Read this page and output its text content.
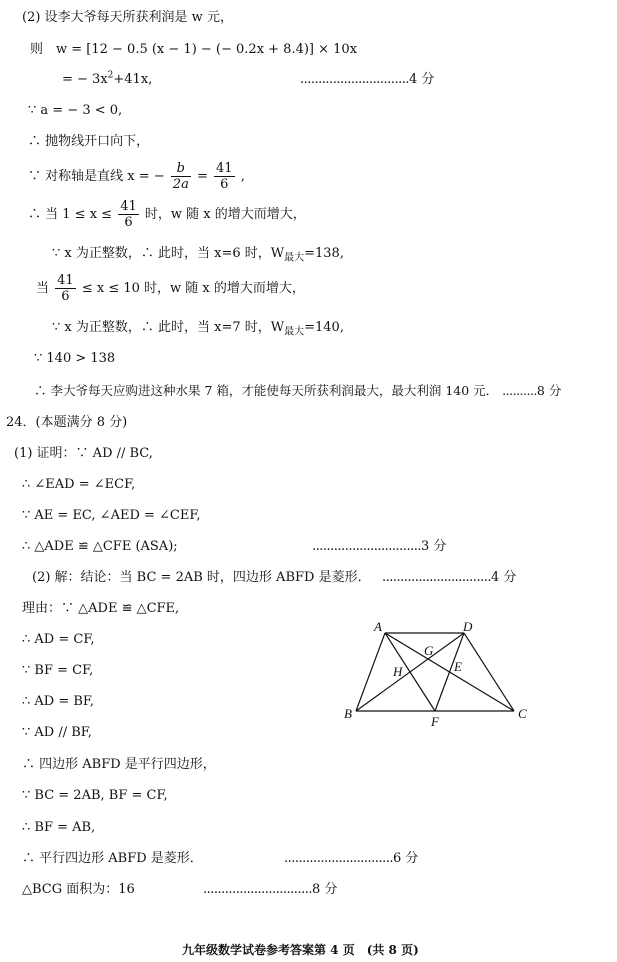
(2) 设李大爷每天所获利润是 w 元，
则　w = [12 − 0.5 (x − 1) − (− 0.2x + 8.4)] × 10x
= − $3x^2+41x$,	..............................4 分
∵ a = − 3 < 0,
∴ 抛物线开口向下，
∵ 对称轴是直线 x = − $\frac{b}{2a} = \frac{41}{6}$ ,
∴ 当 $1 \le x \le \frac{41}{6}$ 时，w 随 x 的增大而增大，
∵ x 为正整数，∴ 此时，当 x=6 时，$W_{最大}=138$,
当 $\frac{41}{6} \le x \le 10$ 时，w 随 x 的增大而增大，
∵ x 为正整数，∴ 此时，当 x=7 时，$W_{最大}=140$,
∵ 140 > 138
∴ 李大爷每天应购进这种水果 7 箱，才能使每天所获利润最大，最大利润 140 元． ..........8 分
24．(本题满分 8 分)
(1) 证明：∵ AD // BC,
∴ ∠EAD = ∠ECF,
∵ AE = EC, ∠AED = ∠CEF,
∴ △ADE ≌ △CFE (ASA);	..............................3 分
(2) 解：结论：当 BC = 2AB 时，四边形 ABFD 是菱形． ..............................4 分
理由：∵ △ADE ≌ △CFE,
∴ AD = CF,
∵ BF = CF,
∴ AD = BF,
∵ AD // BF,
∴ 四边形 ABFD 是平行四边形，
∵ BC = 2AB, BF = CF,
∴ BF = AB,
∴ 平行四边形 ABFD 是菱形．	..............................6 分
△BCG 面积为：16	..............................8 分
A	D
B	C
F
G
H	E
九年级数学试卷参考答案第 4 页　(共 8 页)
